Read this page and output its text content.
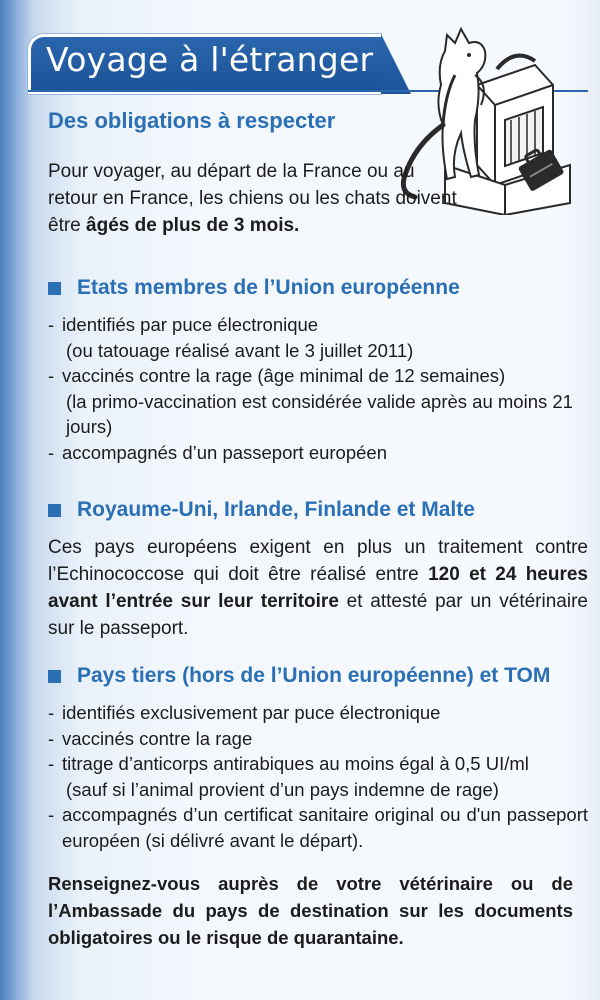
Voyage à l'étranger
Des obligations à respecter
Pour voyager, au départ de la France ou au retour en France, les chiens ou les chats doivent être âgés de plus de 3 mois.
Etats membres de l’Union européenne
- identifiés par puce électronique
(ou tatouage réalisé avant le 3 juillet 2011)
- vaccinés contre la rage (âge minimal de 12 semaines)
(la primo-vaccination est considérée valide après au moins 21 jours)
- accompagnés d’un passeport européen
Royaume-Uni, Irlande, Finlande et Malte
Ces pays européens exigent en plus un traitement contre l’Echinococcose qui doit être réalisé entre 120 et 24 heures avant l’entrée sur leur territoire et attesté par un vétérinaire sur le passeport.
Pays tiers (hors de l’Union européenne) et TOM
- identifiés exclusivement par puce électronique
- vaccinés contre la rage
- titrage d’anticorps antirabiques au moins égal à 0,5 UI/ml
(sauf si l’animal provient d’un pays indemne de rage)
- accompagnés d’un certificat sanitaire original ou d'un passeport européen (si délivré avant le départ).
Renseignez-vous auprès de votre vétérinaire ou de l’Ambassade du pays de destination sur les documents obligatoires ou le risque de quarantaine.
